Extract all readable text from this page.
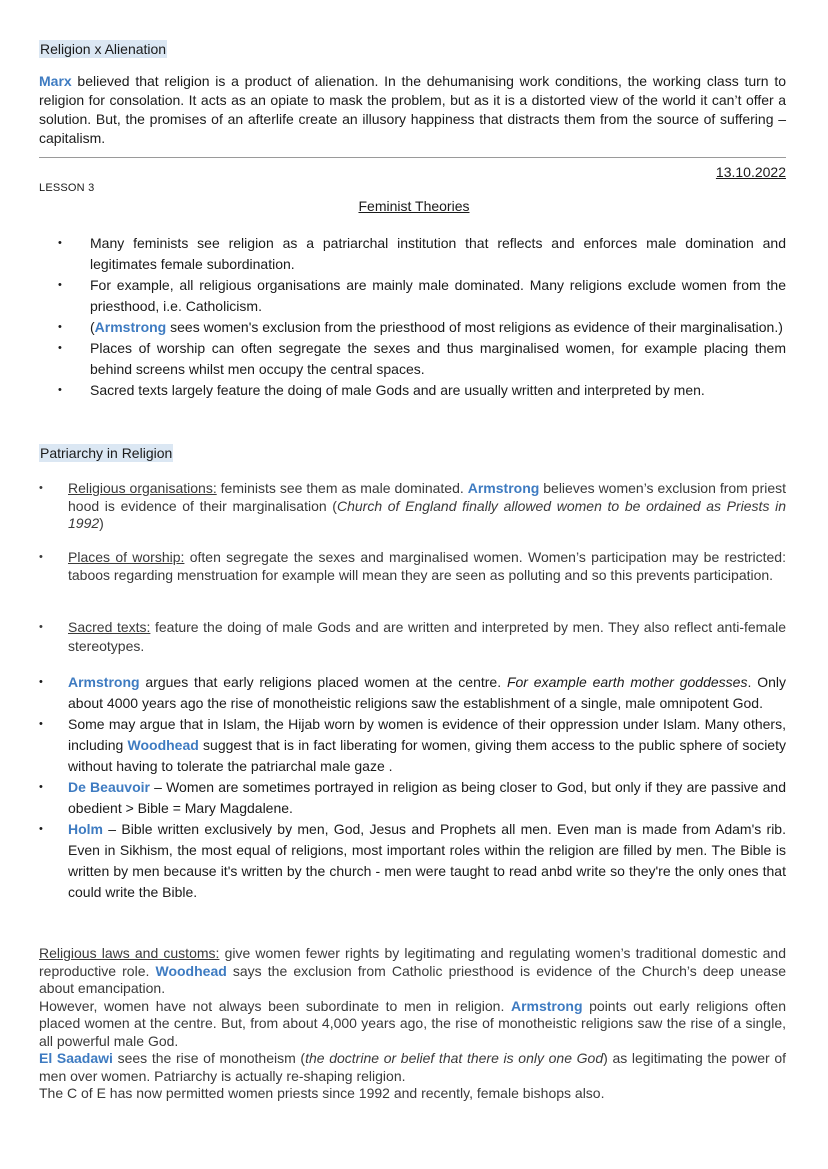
Religion x Alienation
Marx believed that religion is a product of alienation. In the dehumanising work conditions, the working class turn to religion for consolation. It acts as an opiate to mask the problem, but as it is a distorted view of the world it can’t offer a solution. But, the promises of an afterlife create an illusory happiness that distracts them from the source of suffering – capitalism.
13.10.2022
LESSON 3
Feminist Theories
• Many feminists see religion as a patriarchal institution that reflects and enforces male domination and legitimates female subordination.
• For example, all religious organisations are mainly male dominated. Many religions exclude women from the priesthood, i.e. Catholicism.
• (Armstrong sees women's exclusion from the priesthood of most religions as evidence of their marginalisation.)
• Places of worship can often segregate the sexes and thus marginalised women, for example placing them behind screens whilst men occupy the central spaces.
• Sacred texts largely feature the doing of male Gods and are usually written and interpreted by men.
Patriarchy in Religion
• Religious organisations: feminists see them as male dominated. Armstrong believes women’s exclusion from priest hood is evidence of their marginalisation (Church of England finally allowed women to be ordained as Priests in 1992)
• Places of worship: often segregate the sexes and marginalised women. Women’s participation may be restricted: taboos regarding menstruation for example will mean they are seen as polluting and so this prevents participation.
• Sacred texts: feature the doing of male Gods and are written and interpreted by men. They also reflect anti-female stereotypes.
• Armstrong argues that early religions placed women at the centre. For example earth mother goddesses. Only about 4000 years ago the rise of monotheistic religions saw the establishment of a single, male omnipotent God.
• Some may argue that in Islam, the Hijab worn by women is evidence of their oppression under Islam. Many others, including Woodhead suggest that is in fact liberating for women, giving them access to the public sphere of society without having to tolerate the patriarchal male gaze .
• De Beauvoir – Women are sometimes portrayed in religion as being closer to God, but only if they are passive and obedient > Bible = Mary Magdalene.
• Holm – Bible written exclusively by men, God, Jesus and Prophets all men. Even man is made from Adam's rib. Even in Sikhism, the most equal of religions, most important roles within the religion are filled by men. The Bible is written by men because it's written by the church - men were taught to read anbd write so they're the only ones that could write the Bible.
Religious laws and customs: give women fewer rights by legitimating and regulating women’s traditional domestic and reproductive role. Woodhead says the exclusion from Catholic priesthood is evidence of the Church’s deep unease about emancipation.
However, women have not always been subordinate to men in religion. Armstrong points out early religions often placed women at the centre. But, from about 4,000 years ago, the rise of monotheistic religions saw the rise of a single, all powerful male God.
El Saadawi sees the rise of monotheism (the doctrine or belief that there is only one God) as legitimating the power of men over women. Patriarchy is actually re-shaping religion.
The C of E has now permitted women priests since 1992 and recently, female bishops also.
